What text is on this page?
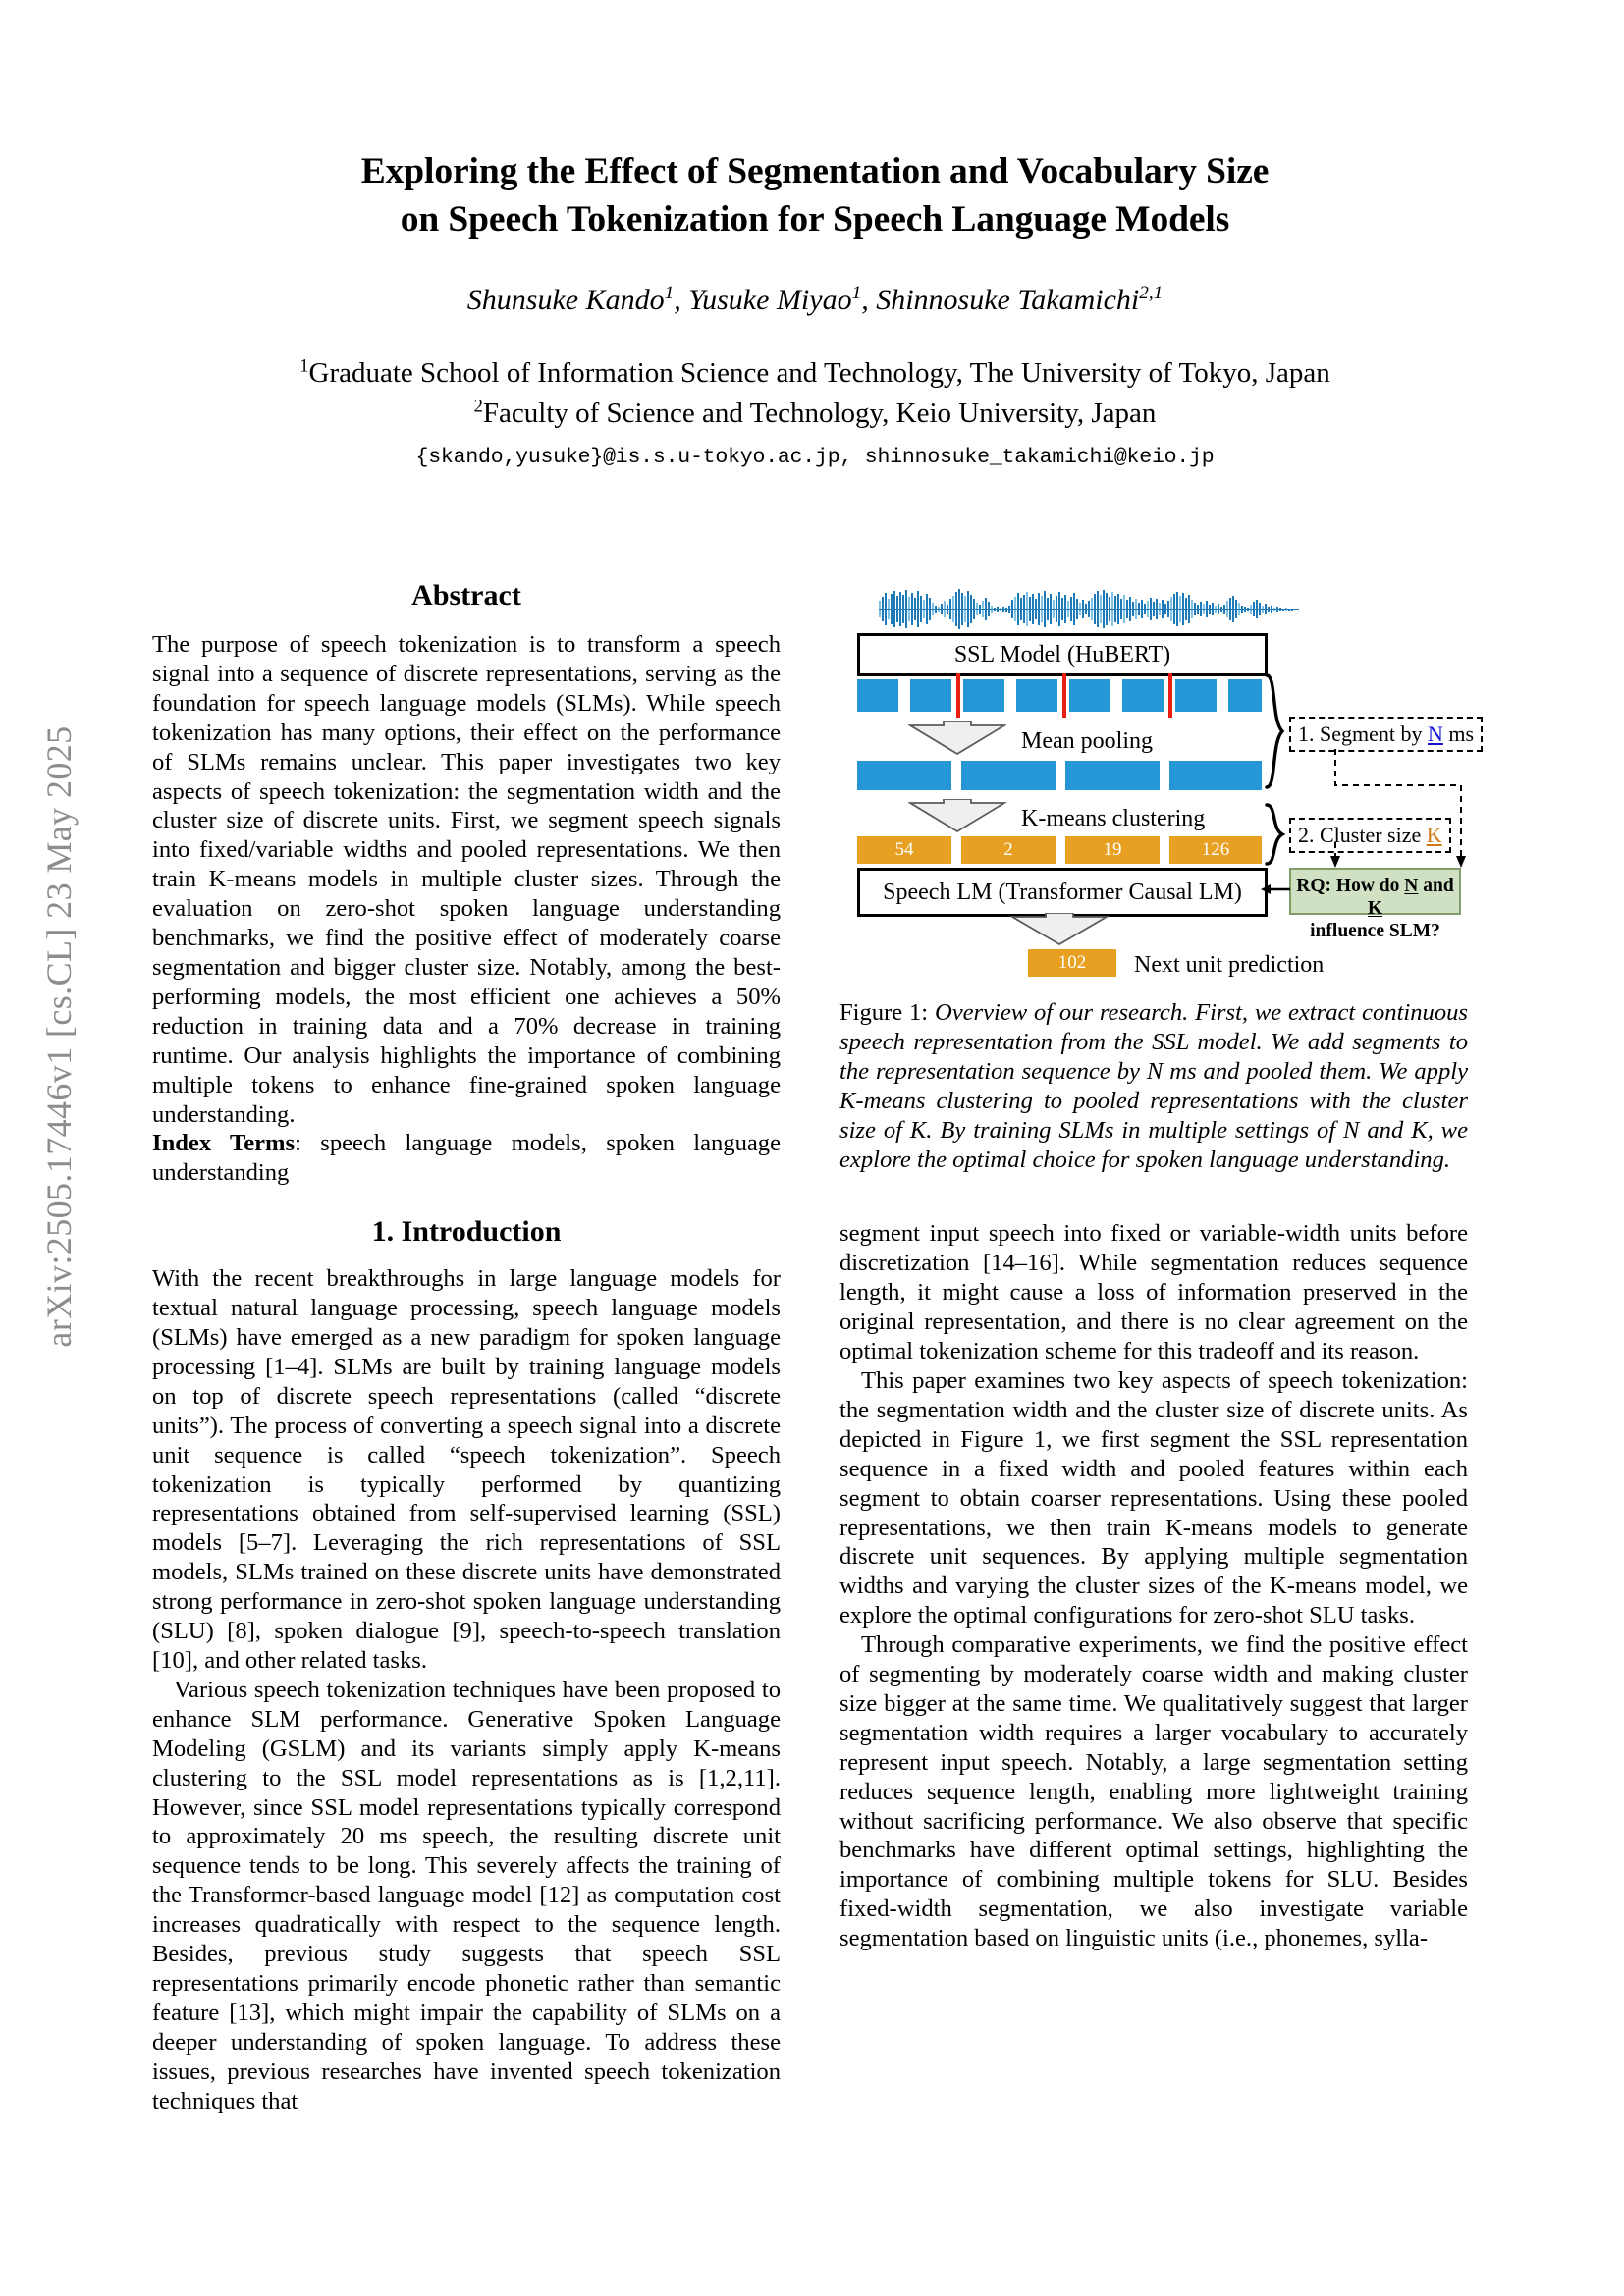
arXiv:2505.17446v1 [cs.CL] 23 May 2025
Exploring the Effect of Segmentation and Vocabulary Size
on Speech Tokenization for Speech Language Models
Shunsuke Kando$^1$, Yusuke Miyao$^1$, Shinnosuke Takamichi$^{2,1}$
$^1$Graduate School of Information Science and Technology, The University of Tokyo, Japan
$^2$Faculty of Science and Technology, Keio University, Japan
{skando,yusuke}@is.s.u-tokyo.ac.jp, shinnosuke_takamichi@keio.jp
Abstract

The purpose of speech tokenization is to transform a speech signal into a sequence of discrete representations, serving as the foundation for speech language models (SLMs). While speech tokenization has many options, their effect on the performance of SLMs remains unclear. This paper investigates two key aspects of speech tokenization: the segmentation width and the cluster size of discrete units. First, we segment speech signals into fixed/variable widths and pooled representations. We then train K-means models in multiple cluster sizes. Through the evaluation on zero-shot spoken language understanding benchmarks, we find the positive effect of moderately coarse segmentation and bigger cluster size. Notably, among the best-performing models, the most efficient one achieves a 50% reduction in training data and a 70% decrease in training runtime. Our analysis highlights the importance of combining multiple tokens to enhance fine-grained spoken language understanding.

Index Terms: speech language models, spoken language understanding

1. Introduction

With the recent breakthroughs in large language models for textual natural language processing, speech language models (SLMs) have emerged as a new paradigm for spoken language processing [1–4]. SLMs are built by training language models on top of discrete speech representations (called “discrete units”). The process of converting a speech signal into a discrete unit sequence is called “speech tokenization”. Speech tokenization is typically performed by quantizing representations obtained from self-supervised learning (SSL) models [5–7]. Leveraging the rich representations of SSL models, SLMs trained on these discrete units have demonstrated strong performance in zero-shot spoken language understanding (SLU) [8], spoken dialogue [9], speech-to-speech translation [10], and other related tasks.

Various speech tokenization techniques have been proposed to enhance SLM performance. Generative Spoken Language Modeling (GSLM) and its variants simply apply K-means clustering to the SSL model representations as is [1,2,11]. However, since SSL model representations typically correspond to approximately 20 ms speech, the resulting discrete unit sequence tends to be long. This severely affects the training of the Transformer-based language model [12] as computation cost increases quadratically with respect to the sequence length. Besides, previous study suggests that speech SSL representations primarily encode phonetic rather than semantic feature [13], which might impair the capability of SLMs on a deeper understanding of spoken language. To address these issues, previous researches have invented speech tokenization techniques that

SSL Model (HuBERT)
Mean pooling
K-means clustering
54	2	19	126
Speech LM (Transformer Causal LM)
102	Next unit prediction
1. Segment by N ms
2. Cluster size K
RQ: How do N and K
influence SLM?
Figure 1: Overview of our research. First, we extract continuous speech representation from the SSL model. We add segments to the representation sequence by N ms and pooled them. We apply K-means clustering to pooled representations with the cluster size of K. By training SLMs in multiple settings of N and K, we explore the optimal choice for spoken language understanding.

segment input speech into fixed or variable-width units before discretization [14–16]. While segmentation reduces sequence length, it might cause a loss of information preserved in the original representation, and there is no clear agreement on the optimal tokenization scheme for this tradeoff and its reason.

This paper examines two key aspects of speech tokenization: the segmentation width and the cluster size of discrete units. As depicted in Figure 1, we first segment the SSL representation sequence in a fixed width and pooled features within each segment to obtain coarser representations. Using these pooled representations, we then train K-means models to generate discrete unit sequences. By applying multiple segmentation widths and varying the cluster sizes of the K-means model, we explore the optimal configurations for zero-shot SLU tasks.

Through comparative experiments, we find the positive effect of segmenting by moderately coarse width and making cluster size bigger at the same time. We qualitatively suggest that larger segmentation width requires a larger vocabulary to accurately represent input speech. Notably, a large segmentation setting reduces sequence length, enabling more lightweight training without sacrificing performance. We also observe that specific benchmarks have different optimal settings, highlighting the importance of combining multiple tokens for SLU. Besides fixed-width segmentation, we also investigate variable segmentation based on linguistic units (i.e., phonemes, sylla-
